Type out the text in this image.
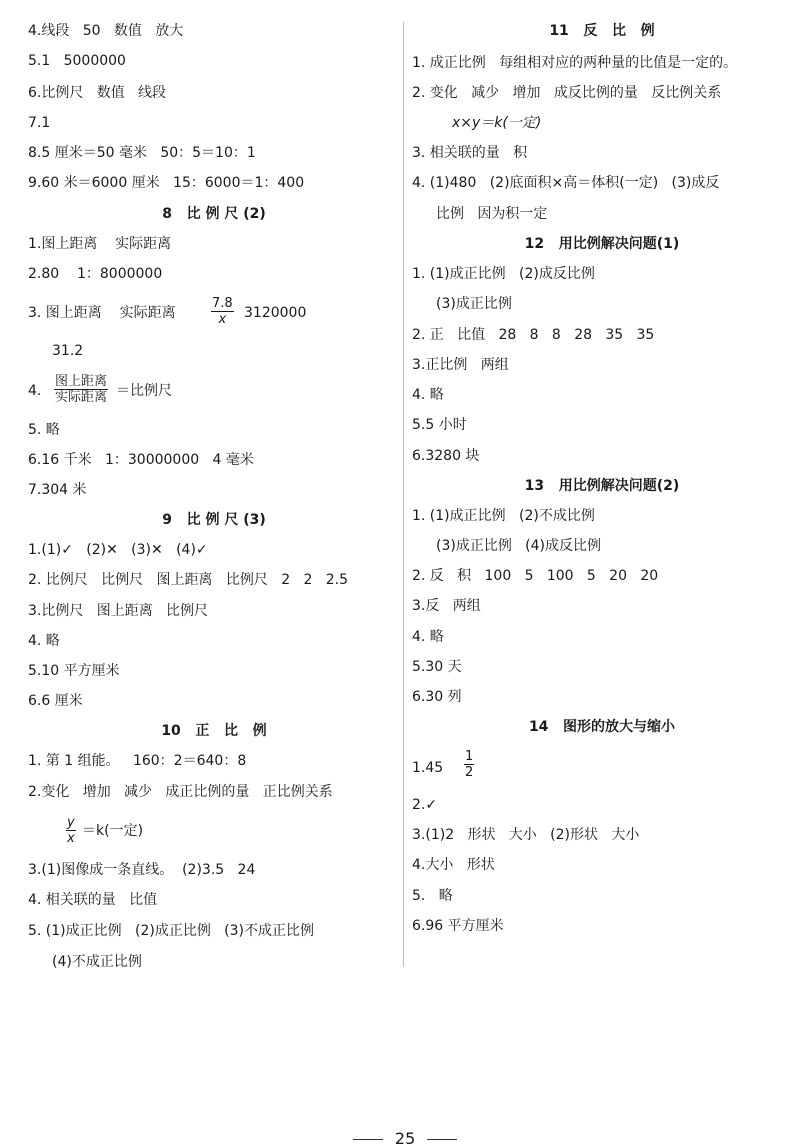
4.线段   50   数值   放大
5.1   5000000
6.比例尺   数值   线段
7.1
8.5 厘米＝50 毫米   50：5＝10：1
9.60 米＝6000 厘米   15：6000＝1：400
8   比 例 尺 (2)
1.图上距离    实际距离
2.80    1：8000000
3. 图上距离    实际距离	$\frac{7.8}{x} 3120000$
31.2
4.
图上距离
实际距离 ＝比例尺
5. 略
6.16 千米   1：30000000   4 毫米
7.304 米
9   比 例 尺 (3)
1.(1)✓   (2)✕   (3)✕   (4)✓
2. 比例尺   比例尺   图上距离   比例尺   2   2   2.5
3.比例尺   图上距离   比例尺
4. 略
5.10 平方厘米
6.6 厘米
10   正   比   例
1. 第 1 组能。   160：2＝640：8
2.变化   增加   减少   成正比例的量   正比例关系
$\frac{y}{x} =k$(一定)
3.(1)图像成一条直线。  (2)3.5   24
4. 相关联的量   比值
5. (1)成正比例   (2)成正比例   (3)不成正比例
(4)不成正比例
11   反   比   例
1. 成正比例   每组相对应的两种量的比值是一定的。
2. 变化   减少   增加   成反比例的量   反比例关系
x×y＝k(一定)
3. 相关联的量   积
4. (1)480   (2)底面积×高＝体积(一定)   (3)成反
比例   因为积一定
12   用比例解决问题(1)
1. (1)成正比例   (2)成反比例
(3)成正比例
2. 正   比值   28   8   8   28   35   35
3.正比例   两组
4. 略
5.5 小时
6.3280 块
13   用比例解决问题(2)
1. (1)成正比例   (2)不成比例
(3)成正比例   (4)成反比例
2. 反   积   100   5   100   5   20   20
3.反   两组
4. 略
5.30 天
6.30 列
14   图形的放大与缩小
$1.45 \frac{1}{2}$
2.✓
3.(1)2   形状   大小   (2)形状   大小
4.大小   形状
5.   略
6.96 平方厘米

25
